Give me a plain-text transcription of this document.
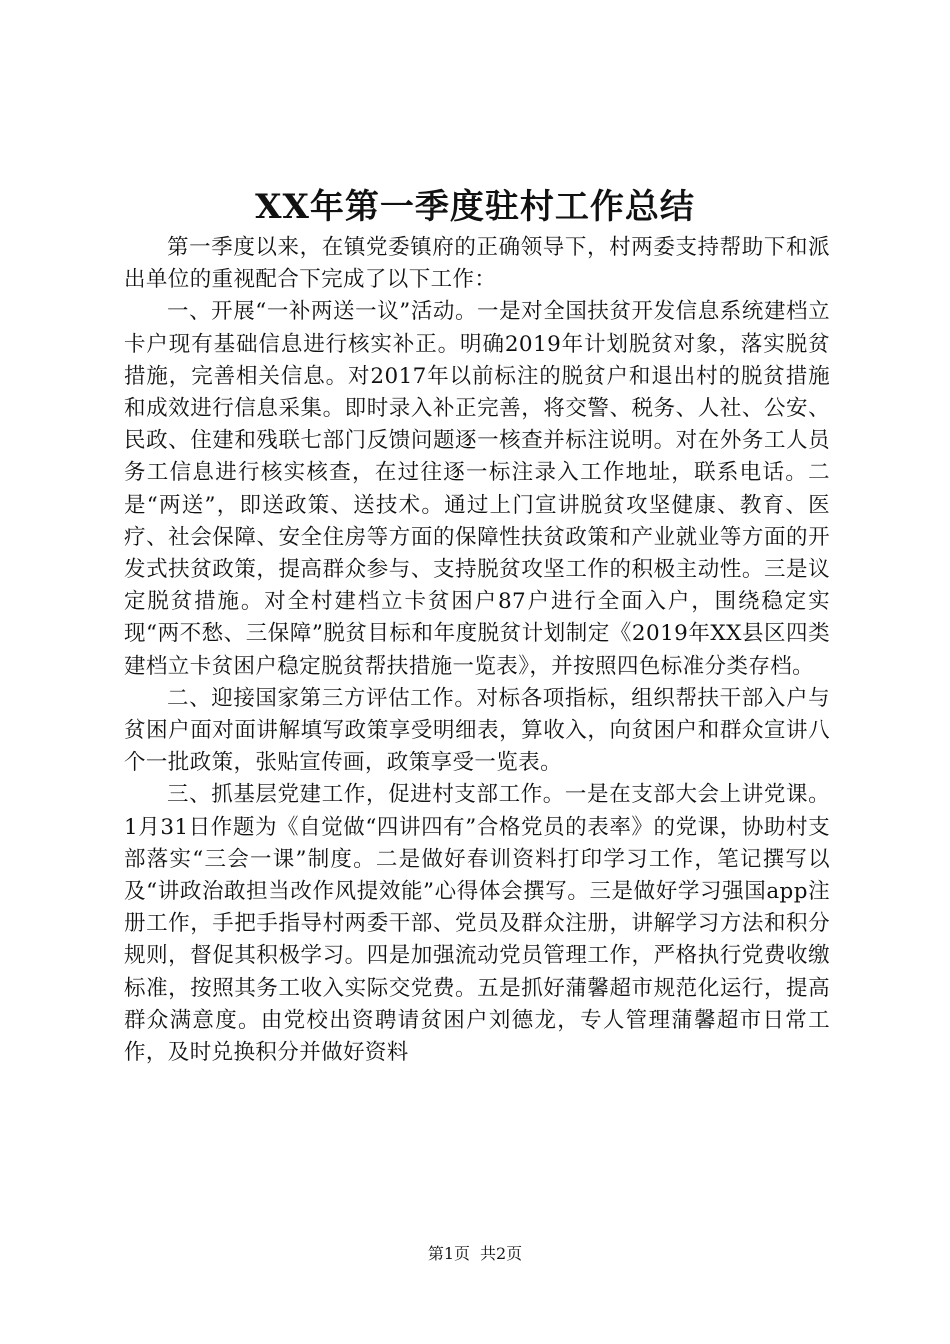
XX年第一季度驻村工作总结

第一季度以来，在镇党委镇府的正确领导下，村两委支持帮助下和派出单位的重视配合下完成了以下工作：

一、开展“一补两送一议”活动。一是对全国扶贫开发信息系统建档立卡户现有基础信息进行核实补正。明确2019年计划脱贫对象，落实脱贫措施，完善相关信息。对2017年以前标注的脱贫户和退出村的脱贫措施和成效进行信息采集。即时录入补正完善，将交警、税务、人社、公安、民政、住建和残联七部门反馈问题逐一核查并标注说明。对在外务工人员务工信息进行核实核查，在过往逐一标注录入工作地址，联系电话。二是“两送”，即送政策、送技术。通过上门宣讲脱贫攻坚健康、教育、医疗、社会保障、安全住房等方面的保障性扶贫政策和产业就业等方面的开发式扶贫政策，提高群众参与、支持脱贫攻坚工作的积极主动性。三是议定脱贫措施。对全村建档立卡贫困户87户进行全面入户，围绕稳定实现“两不愁、三保障”脱贫目标和年度脱贫计划制定《2019年XX县区四类建档立卡贫困户稳定脱贫帮扶措施一览表》，并按照四色标准分类存档。

二、迎接国家第三方评估工作。对标各项指标，组织帮扶干部入户与贫困户面对面讲解填写政策享受明细表，算收入，向贫困户和群众宣讲八个一批政策，张贴宣传画，政策享受一览表。

三、抓基层党建工作，促进村支部工作。一是在支部大会上讲党课。1月31日作题为《自觉做“四讲四有”合格党员的表率》的党课，协助村支部落实“三会一课”制度。二是做好春训资料打印学习工作，笔记撰写以及“讲政治敢担当改作风提效能”心得体会撰写。三是做好学习强国app注册工作，手把手指导村两委干部、党员及群众注册，讲解学习方法和积分规则，督促其积极学习。四是加强流动党员管理工作，严格执行党费收缴标准，按照其务工收入实际交党费。五是抓好蒲馨超市规范化运行，提高群众满意度。由党校出资聘请贫困户刘德龙，专人管理蒲馨超市日常工作，及时兑换积分并做好资料

第1页 共2页
